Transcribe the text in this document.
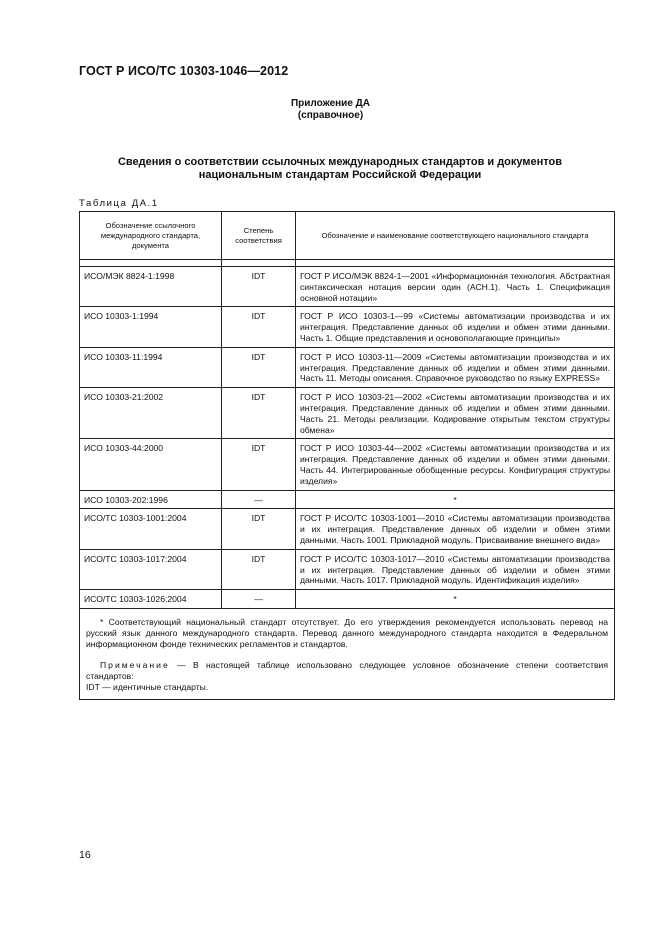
ГОСТ Р ИСО/ТС 10303-1046—2012
Приложение ДА
(справочное)
Сведения о соответствии ссылочных международных стандартов и документов
национальным стандартам Российской Федерации
Таблица ДА.1
Обозначение ссылочного международного стандарта, документа	Степень соответствия	Обозначение и наименование соответствующего национального стандарта

ИСО/МЭК 8824-1:1998	IDT	ГОСТ Р ИСО/МЭК 8824-1—2001 «Информационная технология. Абстрактная синтаксическая нотация версии один (АСН.1). Часть 1. Спецификация основной нотации»
ИСО 10303-1:1994	IDT	ГОСТ Р ИСО 10303-1—99 «Системы автоматизации производства и их интеграция. Представление данных об изделии и обмен этими данными. Часть 1. Общие представления и основополагающие принципы»
ИСО 10303-11:1994	IDT	ГОСТ Р ИСО 10303-11—2009 «Системы автоматизации производства и их интеграция. Представление данных об изделии и обмен этими данными. Часть 11. Методы описания. Справочное руководство по языку EXPRESS»
ИСО 10303-21:2002	IDT	ГОСТ Р ИСО 10303-21—2002 «Системы автоматизации производства и их интеграция. Представление данных об изделии и обмен этими данными. Часть 21. Методы реализации. Кодирование открытым текстом структуры обмена»
ИСО 10303-44:2000	IDT	ГОСТ Р ИСО 10303-44—2002 «Системы автоматизации производства и их интеграция. Представление данных об изделии и обмен этими данными. Часть 44. Интегрированные обобщенные ресурсы. Конфигурация структуры изделия»
ИСО 10303-202:1996	—	*
ИСО/ТС 10303-1001:2004	IDT	ГОСТ Р ИСО/ТС 10303-1001—2010 «Системы автоматизации производства и их интеграция. Представление данных об изделии и обмен этими данными. Часть 1001. Прикладной модуль. Присваивание внешнего вида»
ИСО/ТС 10303-1017:2004	IDT	ГОСТ Р ИСО/ТС 10303-1017—2010 «Системы автоматизации производства и их интеграция. Представление данных об изделии и обмен этими данными. Часть 1017. Прикладной модуль. Идентификация изделия»
ИСО/ТС 10303-1026:2004	—	*

* Соответствующий национальный стандарт отсутствует. До его утверждения рекомендуется использовать перевод на русский язык данного международного стандарта. Перевод данного международного стандарта находится в Федеральном информационном фонде технических регламентов и стандартов.

Примечание — В настоящей таблице использовано следующее условное обозначение степени соответствия стандартов:

IDT — идентичные стандарты.		

16
